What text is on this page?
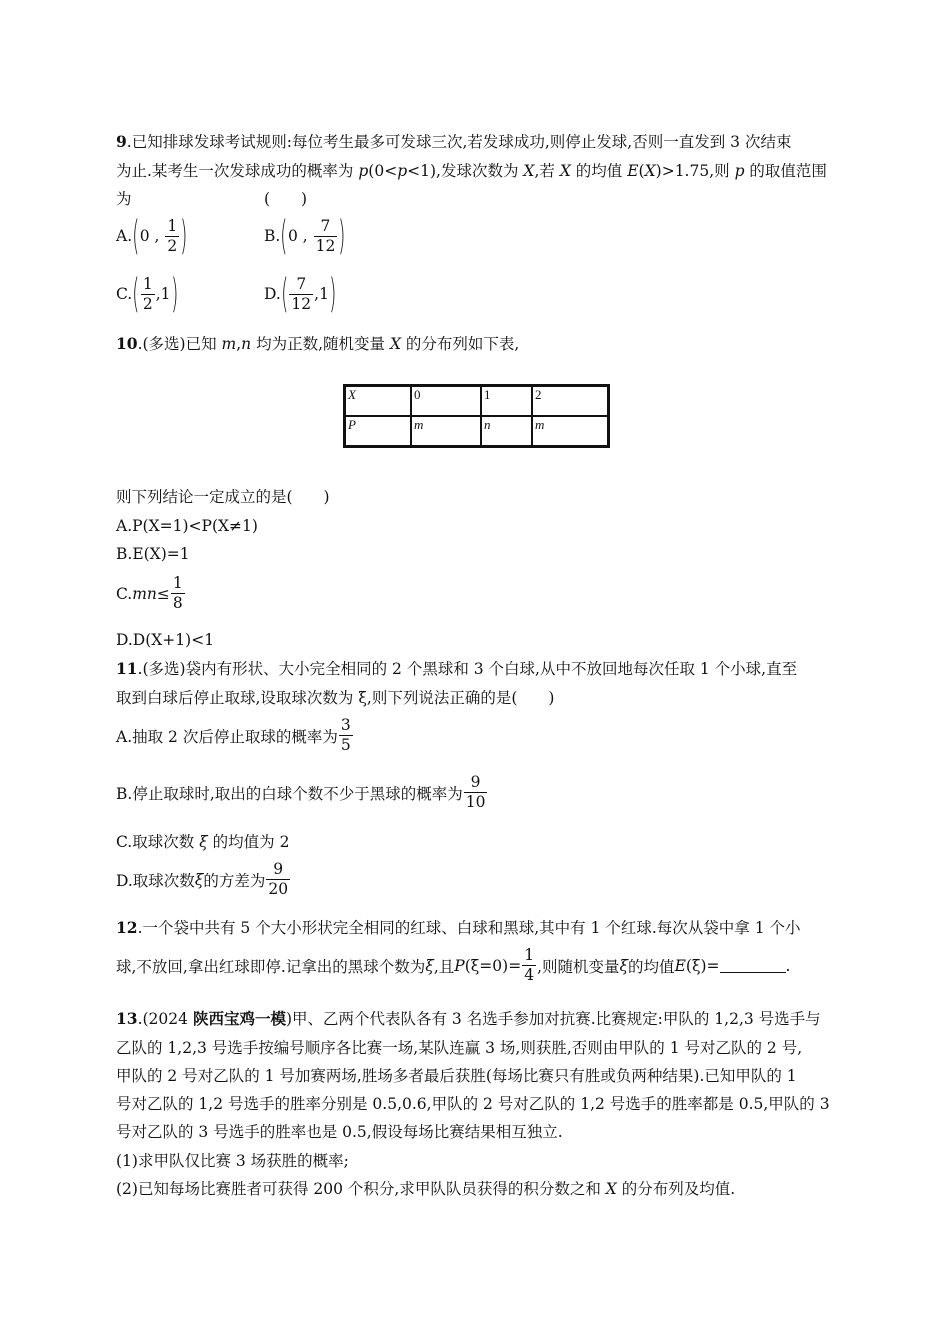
9.已知排球发球考试规则:每位考生最多可发球三次,若发球成功,则停止发球,否则一直发到 3 次结束
为止.某考生一次发球成功的概率为 p(0<p<1),发球次数为 X,若 X 的均值 E(X)>1.75,则 p 的取值范围
为	(　　)
A. ( 0 , $\frac{1}{2}$ )	B. ( 0 , $\frac{7}{12}$ )
C. ( $\frac{1}{2}$ , 1 )	D. ( $\frac{7}{12}$ , 1 )
10.(多选)已知 m,n 均为正数,随机变量 X 的分布列如下表,
X	0	1	2
P	m	n	m
则下列结论一定成立的是(　　)
A.P(X=1)<P(X≠1)
B.E(X)=1
C. mn ≤ $\frac{1}{8}$
D.D(X+1)<1
11.(多选)袋内有形状、大小完全相同的 2 个黑球和 3 个白球,从中不放回地每次任取 1 个小球,直至
取到白球后停止取球,设取球次数为 ξ,则下列说法正确的是(　　)
A.抽取 2 次后停止取球的概率为 $\frac{3}{5}$
B.停止取球时,取出的白球个数不少于黑球的概率为 $\frac{9}{10}$
C.取球次数 ξ 的均值为 2
D.取球次数 ξ 的方差为 $\frac{9}{20}$
12.一个袋中共有 5 个大小形状完全相同的红球、白球和黑球,其中有 1 个红球.每次从袋中拿 1 个小
球,不放回,拿出红球即停.记拿出的黑球个数为 ξ ,且 P $(\xi=0)= \frac{1}{4}$ ,则随机变量 ξ 的均值 E (ξ)=	.
13.(2024 陕西宝鸡一模)甲、乙两个代表队各有 3 名选手参加对抗赛.比赛规定:甲队的 1,2,3 号选手与
乙队的 1,2,3 号选手按编号顺序各比赛一场,某队连赢 3 场,则获胜,否则由甲队的 1 号对乙队的 2 号,
甲队的 2 号对乙队的 1 号加赛两场,胜场多者最后获胜(每场比赛只有胜或负两种结果).已知甲队的 1
号对乙队的 1,2 号选手的胜率分别是 0.5,0.6,甲队的 2 号对乙队的 1,2 号选手的胜率都是 0.5,甲队的 3
号对乙队的 3 号选手的胜率也是 0.5,假设每场比赛结果相互独立.
(1)求甲队仅比赛 3 场获胜的概率;
(2)已知每场比赛胜者可获得 200 个积分,求甲队队员获得的积分数之和 X 的分布列及均值.
